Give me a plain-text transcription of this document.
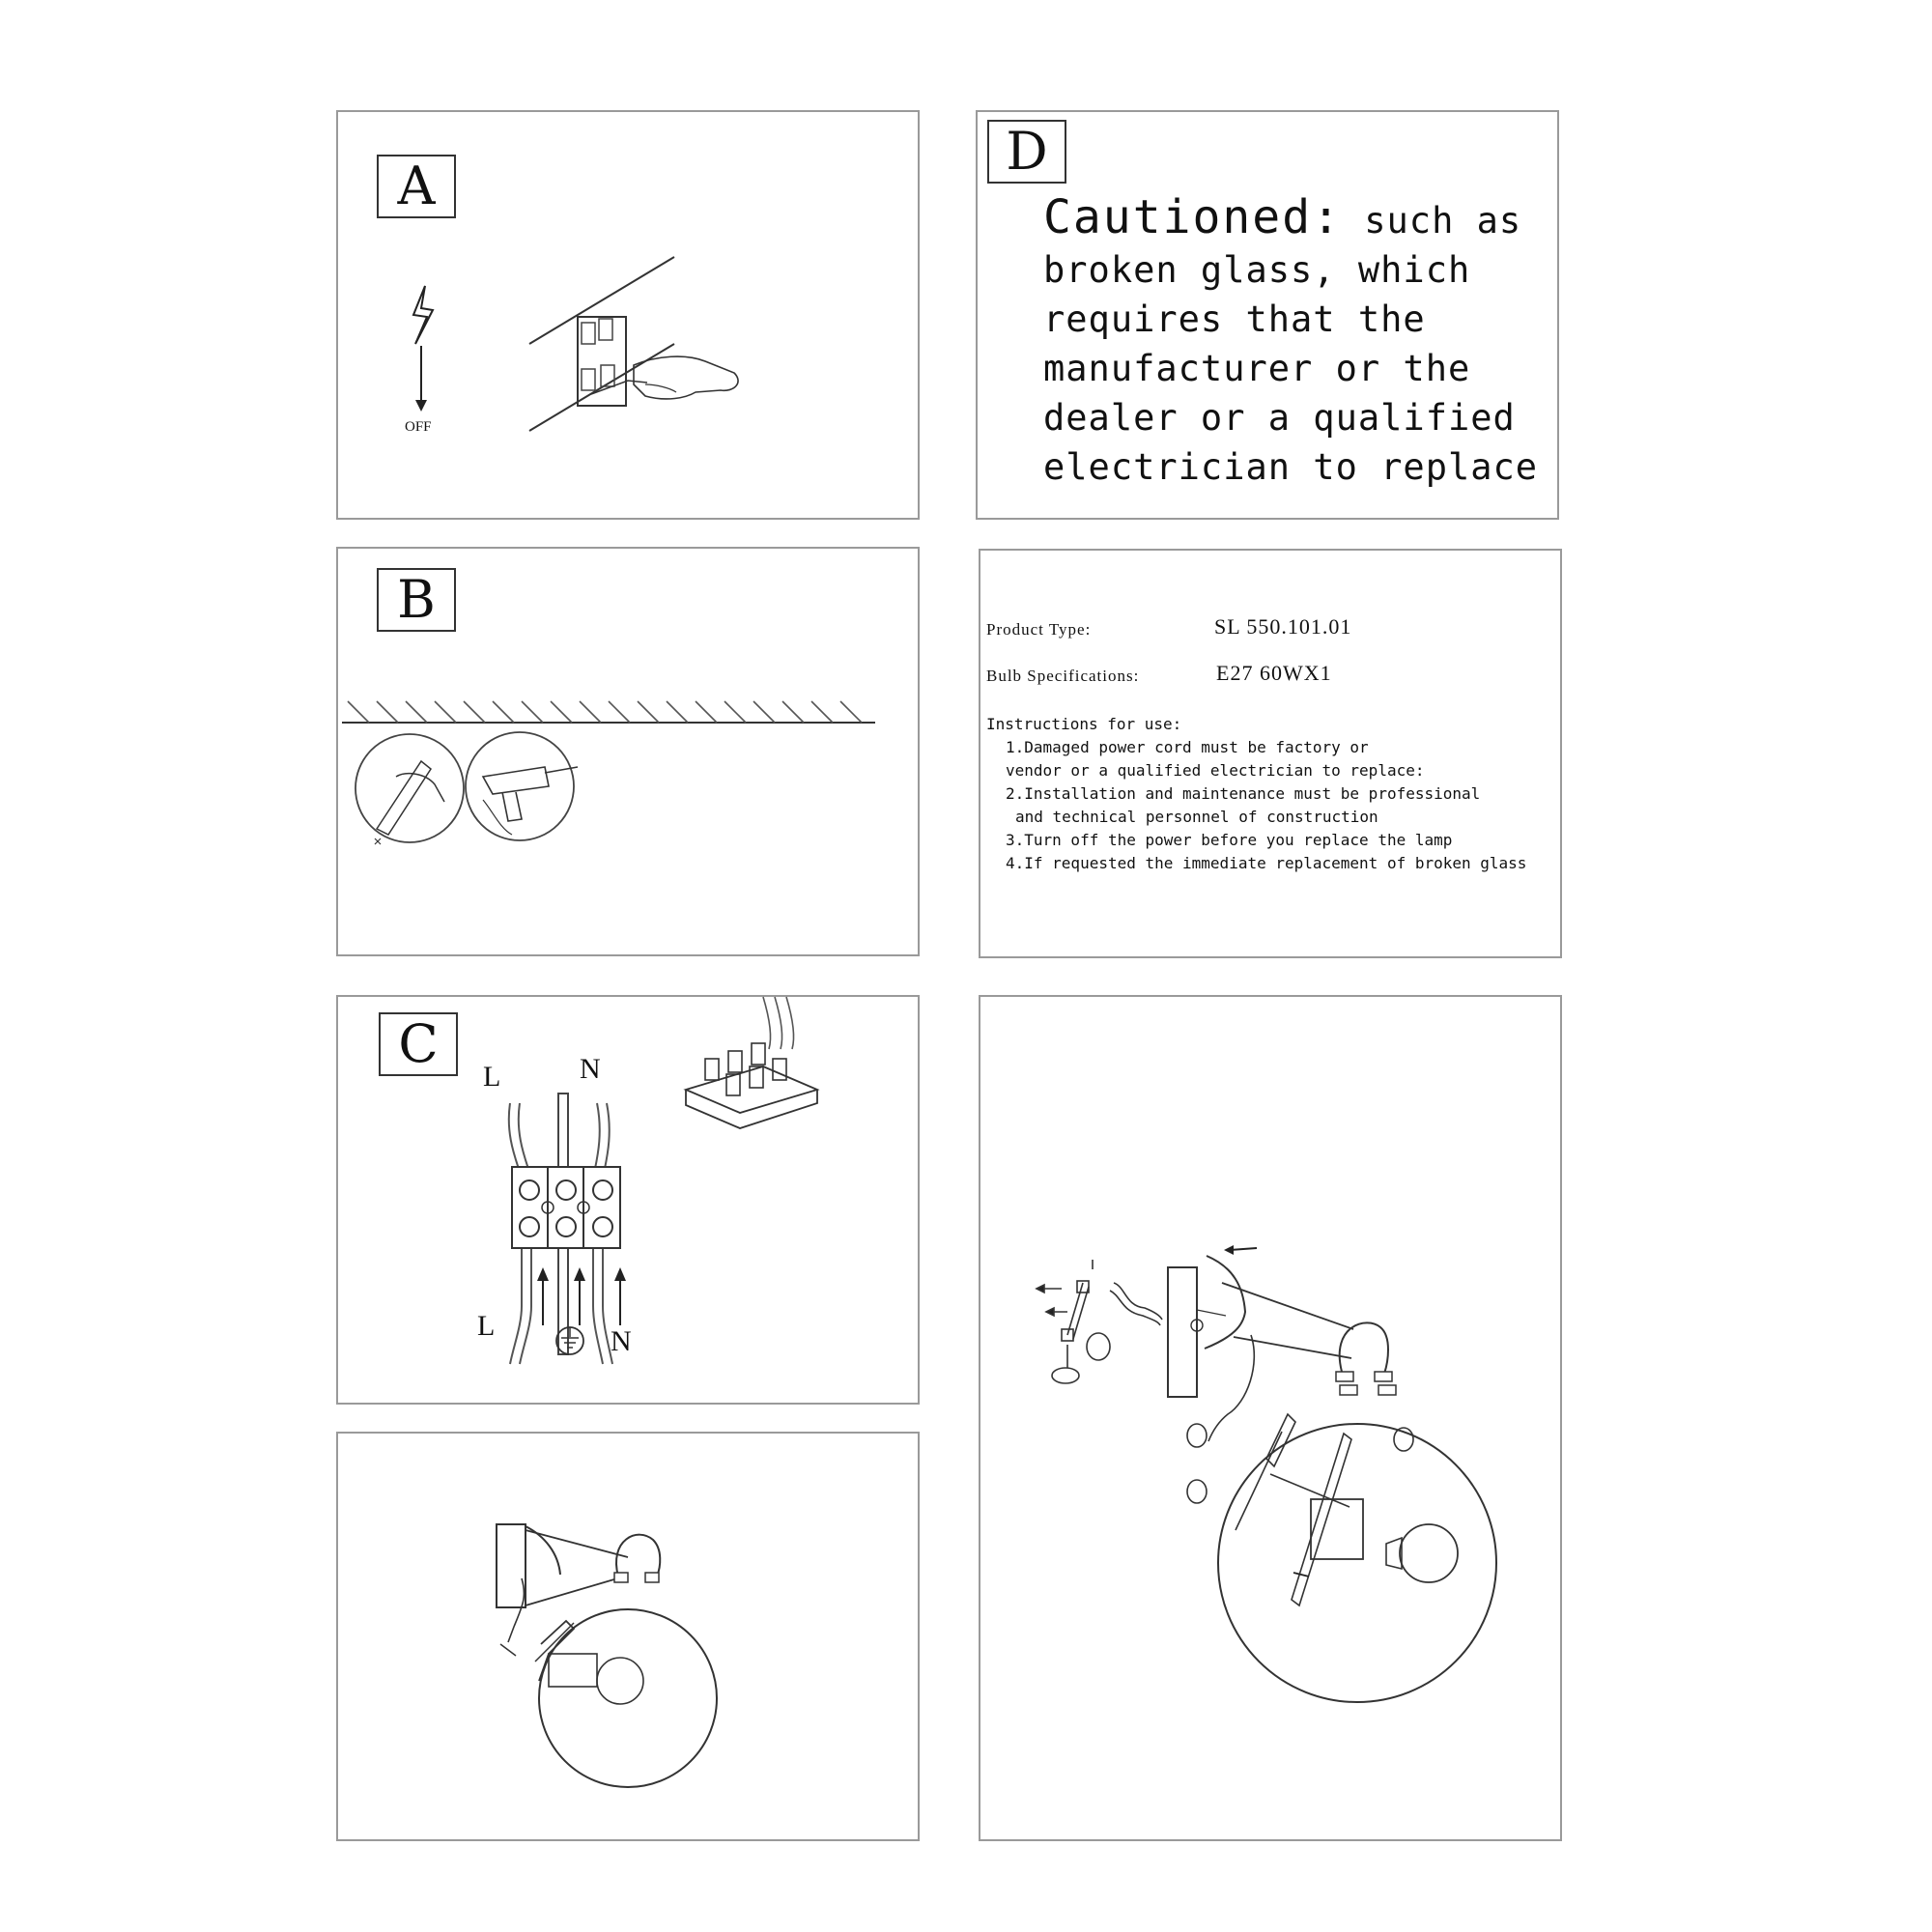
A
OFF
D
Cautioned: such as
broken glass, which
requires that the
manufacturer or the
dealer or a qualified
electrician to replace
B	Product Type:	SL 550.101.01
Bulb Specifications:	E27 60WX1
Instructions for use:
1.Damaged power cord must be factory or
vendor or a qualified electrician to replace:
2.Installation and maintenance must be professional
and technical personnel of construction
3.Turn off the power before you replace the lamp
4.If requested the immediate replacement of broken glass
C
L	N
L	N
